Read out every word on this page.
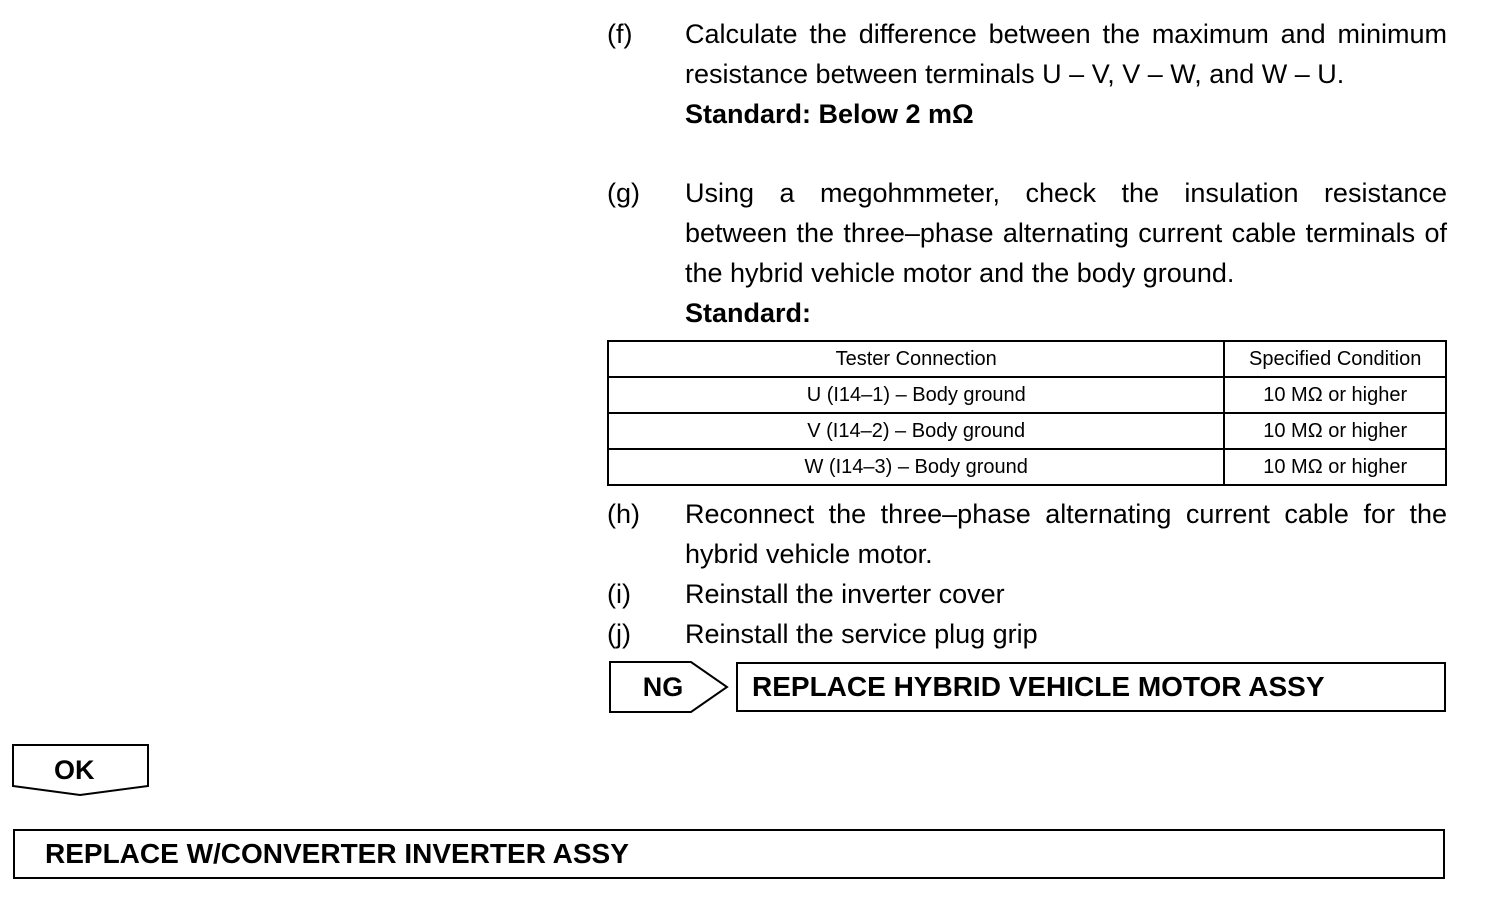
(f) Calculate the difference between the maximum and minimum resistance between terminals U – V, V – W, and W – U.

Standard: Below 2 mΩ

(g) Using a megohmmeter, check the insulation resistance between the three–phase alternating current cable terminals of the hybrid vehicle motor and the body ground.

Standard:

Tester Connection	Specified Condition
U (I14–1) – Body ground	10 MΩ or higher
V (I14–2) – Body ground	10 MΩ or higher
W (I14–3) – Body ground	10 MΩ or higher
(h) Reconnect the three–phase alternating current cable for the hybrid vehicle motor.

(i) Reinstall the inverter cover

(j) Reinstall the service plug grip

NG	REPLACE HYBRID VEHICLE MOTOR ASSY
OK
REPLACE W/CONVERTER INVERTER ASSY
